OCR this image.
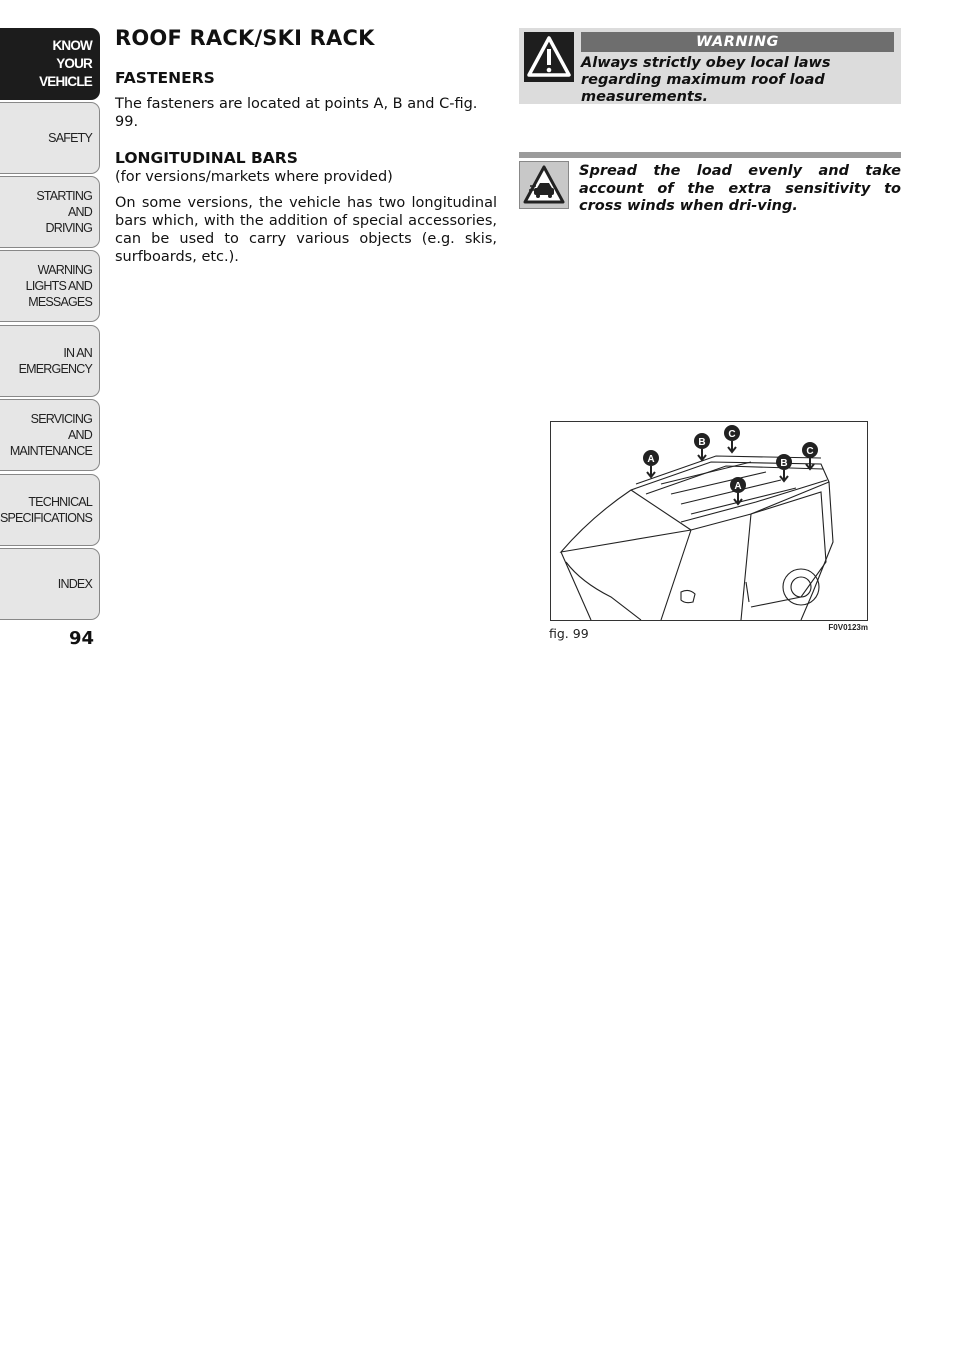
KNOW
YOUR
VEHICLE
SAFETY
STARTING
AND
DRIVING
WARNING
LIGHTS AND
MESSAGES
IN AN
EMERGENCY
SERVICING
AND
MAINTENANCE
TECHNICAL
SPECIFICATIONS
INDEX
94
ROOF RACK/SKI RACK
FASTENERS

The fasteners are located at points A, B and C-fig. 99.

LONGITUDINAL BARS

(for versions/markets where provided)

On some versions, the vehicle has two longitudinal bars which, with the addition of special accessories, can be used to carry various objects (e.g. skis, surfboards, etc.).

WARNING
Always strictly obey local laws regarding maximum roof load measurements.
Spread the load evenly and take account of the extra sensitivity to cross winds when dri-ving.
A
B
C
A
B
C
fig. 99	F0V0123m
